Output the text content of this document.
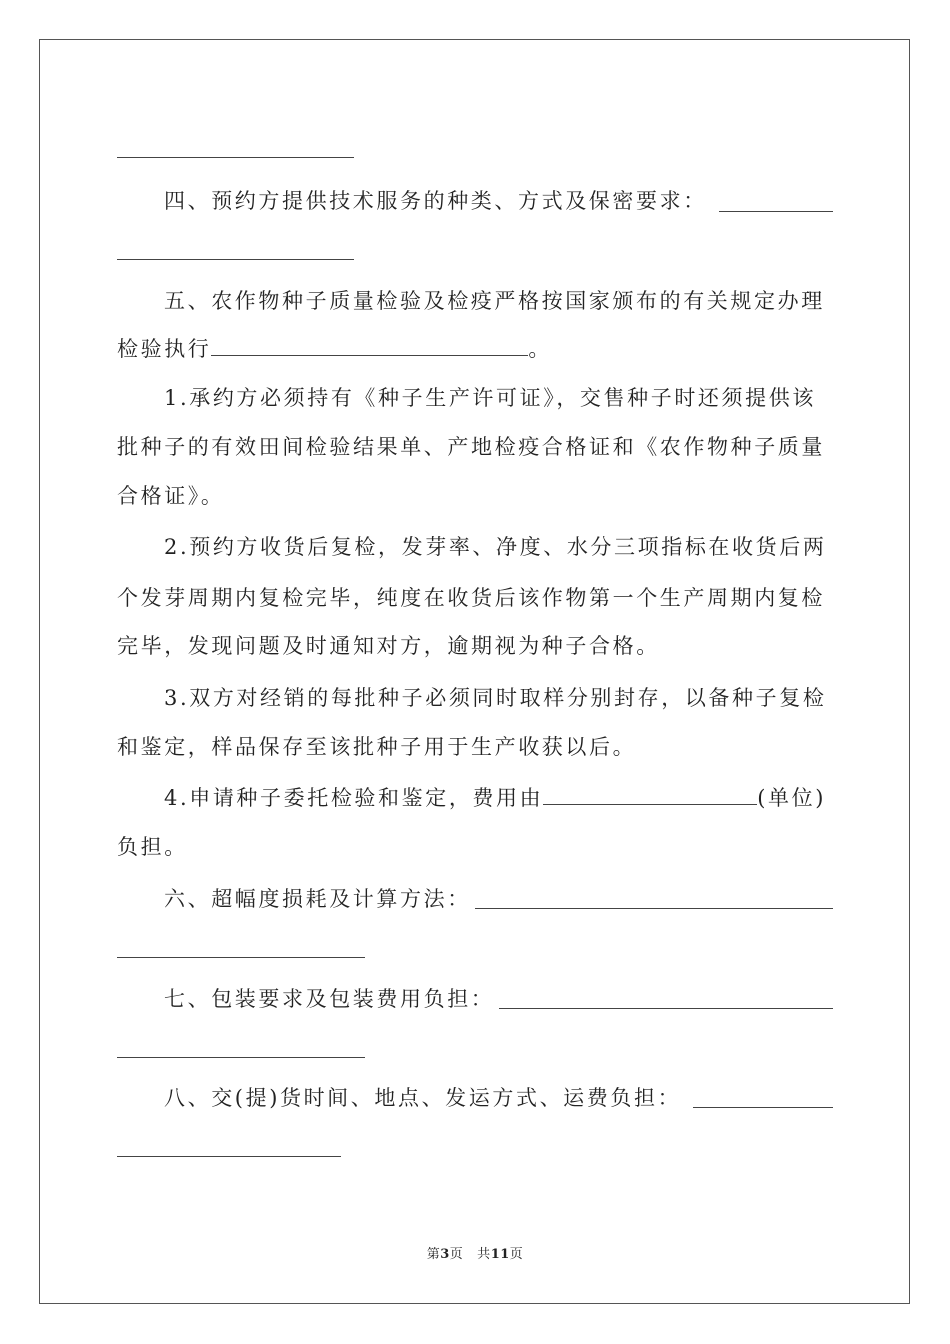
四、预约方提供技术服务的种类、方式及保密要求：
五、农作物种子质量检验及检疫严格按国家颁布的有关规定办理
检验执行	。
1.承约方必须持有《种子生产许可证》，交售种子时还须提供该
批种子的有效田间检验结果单、产地检疫合格证和《农作物种子质量
合格证》。
2.预约方收货后复检，发芽率、净度、水分三项指标在收货后两
个发芽周期内复检完毕，纯度在收货后该作物第一个生产周期内复检
完毕，发现问题及时通知对方，逾期视为种子合格。
3.双方对经销的每批种子必须同时取样分别封存，以备种子复检
和鉴定，样品保存至该批种子用于生产收获以后。
4.申请种子委托检验和鉴定，费用由	(单位)
负担。
六、超幅度损耗及计算方法：
七、包装要求及包装费用负担：
八、交(提)货时间、地点、发运方式、运费负担：
第3页 共11页
